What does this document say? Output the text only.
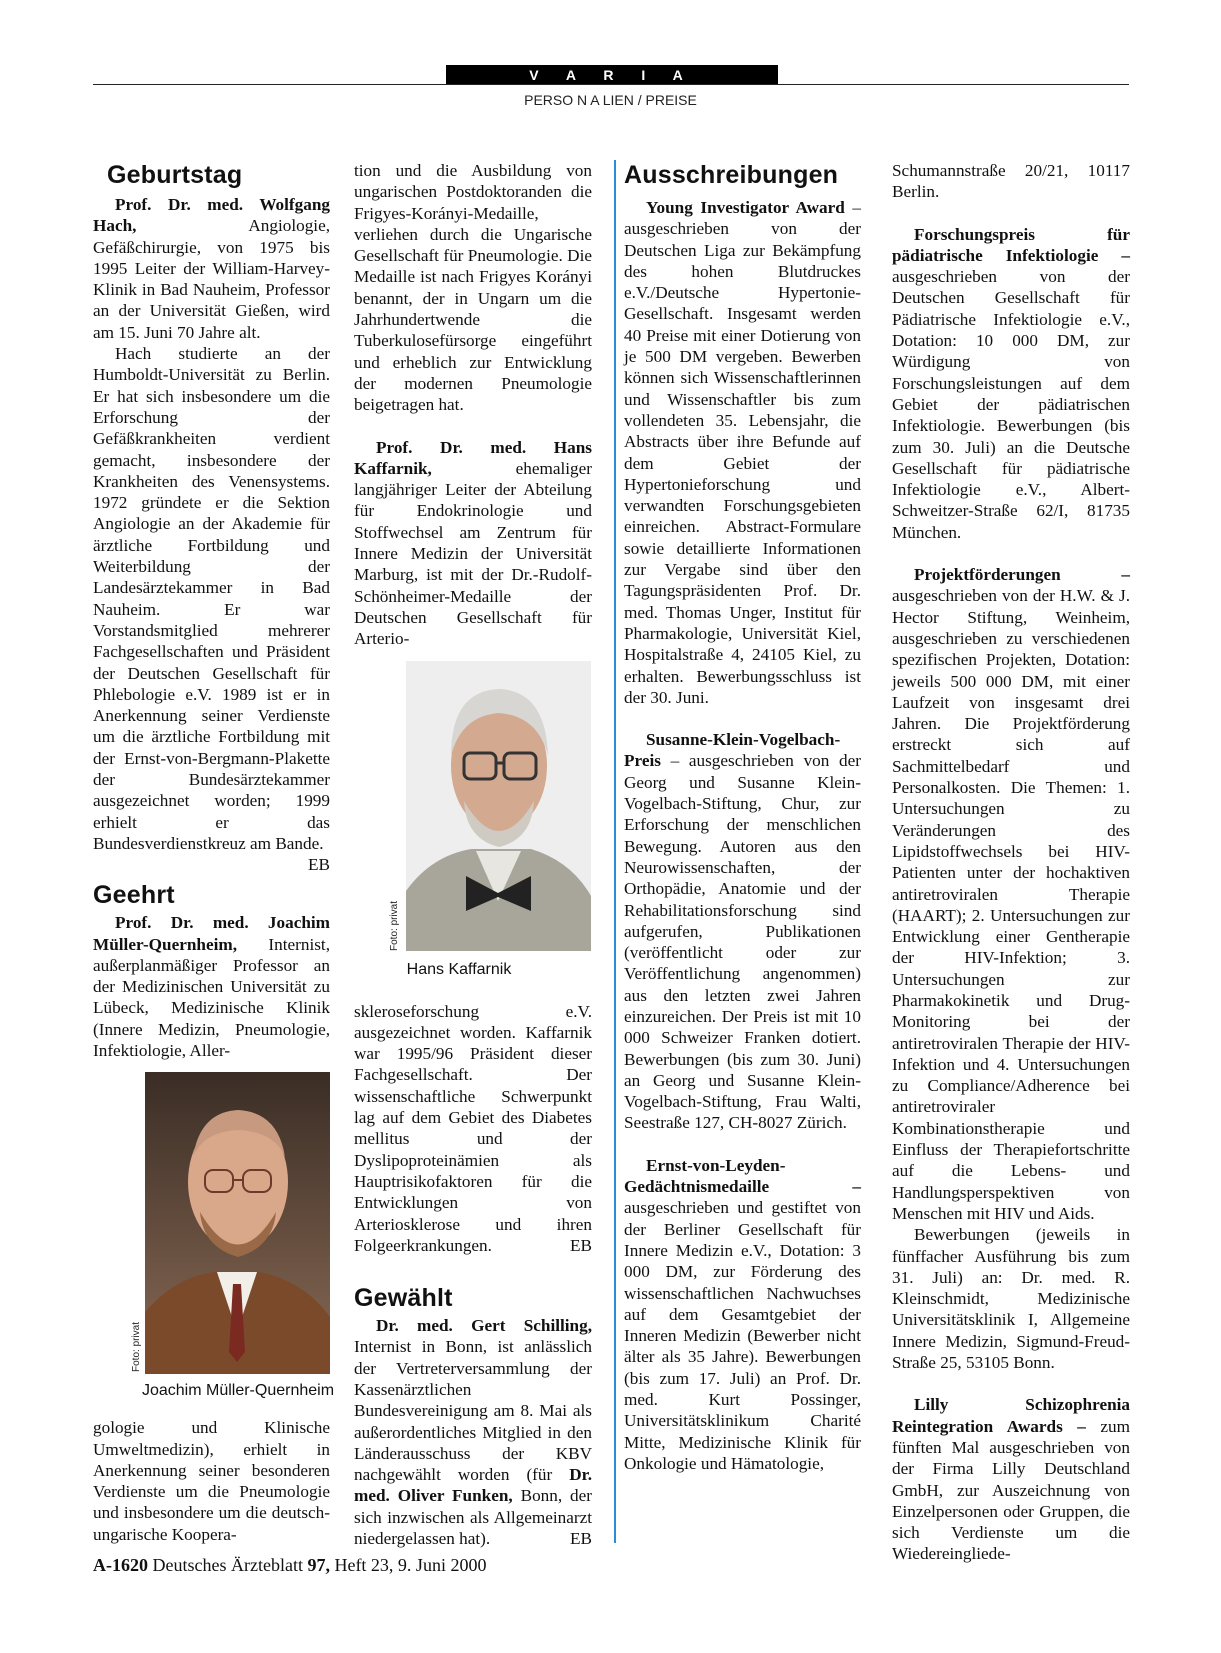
V A R I A
PERSO N A LIEN / PREISE
Geburtstag

Prof. Dr. med. Wolfgang Hach, Angiologie, Gefäßchirurgie, von 1975 bis 1995 Leiter der William-Harvey-Klinik in Bad Nauheim, Professor an der Universität Gießen, wird am 15. Juni 70 Jahre alt.

Hach studierte an der Humboldt-Universität zu Berlin. Er hat sich insbesondere um die Erforschung der Gefäßkrankheiten verdient gemacht, insbesondere der Krankheiten des Venensystems. 1972 gründete er die Sektion Angiologie an der Akademie für ärztliche Fortbildung und Weiterbildung der Landesärztekammer in Bad Nauheim. Er war Vorstandsmitglied mehrerer Fachgesellschaften und Präsident der Deutschen Gesellschaft für Phlebologie e.V. 1989 ist er in Anerkennung seiner Verdienste um die ärztliche Fortbildung mit der Ernst-von-Bergmann-Plakette der Bundesärztekammer ausgezeichnet worden; 1999 erhielt er das Bundesverdienstkreuz am Bande.
EB

Geehrt

Prof. Dr. med. Joachim Müller-Quernheim, Internist, außerplanmäßiger Professor an der Medizinischen Universität zu Lübeck, Medizinische Klinik (Innere Medizin, Pneumologie, Infektiologie, Aller-

Foto: privat
Joachim Müller-Quernheim

gologie und Klinische Umweltmedizin), erhielt in Anerkennung seiner besonderen Verdienste um die Pneumologie und insbesondere um die deutsch-ungarische Koopera-

tion und die Ausbildung von ungarischen Postdoktoranden die Frigyes-Korányi-Medaille, verliehen durch die Ungarische Gesellschaft für Pneumologie. Die Medaille ist nach Frigyes Korányi benannt, der in Ungarn um die Jahrhundertwende die Tuberkulosefürsorge eingeführt und erheblich zur Entwicklung der modernen Pneumologie beigetragen hat.

Prof. Dr. med. Hans Kaffarnik, ehemaliger langjähriger Leiter der Abteilung für Endokrinologie und Stoffwechsel am Zentrum für Innere Medizin der Universität Marburg, ist mit der Dr.-Rudolf-Schönheimer-Medaille der Deutschen Gesellschaft für Arterio-

Foto: privat
Hans Kaffarnik

skleroseforschung e.V. ausgezeichnet worden. Kaffarnik war 1995/96 Präsident dieser Fachgesellschaft. Der wissenschaftliche Schwerpunkt lag auf dem Gebiet des Diabetes mellitus und der Dyslipoproteinämien als Hauptrisikofaktoren für die Entwicklungen von Arteriosklerose und ihren Folgeerkrankungen.	EB

Gewählt

Dr. med. Gert Schilling, Internist in Bonn, ist anlässlich der Vertreterversammlung der Kassenärztlichen Bundesvereinigung am 8. Mai als außerordentliches Mitglied in den Länderausschuss der KBV nachgewählt worden (für Dr. med. Oliver Funken, Bonn, der sich inzwischen als Allgemeinarzt niedergelassen hat).	EB

Ausschreibungen

Young Investigator Award – ausgeschrieben von der Deutschen Liga zur Bekämpfung des hohen Blutdruckes e.V./Deutsche Hypertonie-Gesellschaft. Insgesamt werden 40 Preise mit einer Dotierung von je 500 DM vergeben. Bewerben können sich Wissenschaftlerinnen und Wissenschaftler bis zum vollendeten 35. Lebensjahr, die Abstracts über ihre Befunde auf dem Gebiet der Hypertonieforschung und verwandten Forschungsgebieten einreichen. Abstract-Formulare sowie detaillierte Informationen zur Vergabe sind über den Tagungspräsidenten Prof. Dr. med. Thomas Unger, Institut für Pharmakologie, Universität Kiel, Hospitalstraße 4, 24105 Kiel, zu erhalten. Bewerbungsschluss ist der 30. Juni.

Susanne-Klein-Vogelbach-Preis – ausgeschrieben von der Georg und Susanne Klein-Vogelbach-Stiftung, Chur, zur Erforschung der menschlichen Bewegung. Autoren aus den Neurowissenschaften, der Orthopädie, Anatomie und der Rehabilitationsforschung sind aufgerufen, Publikationen (veröffentlicht oder zur Veröffentlichung angenommen) aus den letzten zwei Jahren einzureichen. Der Preis ist mit 10 000 Schweizer Franken dotiert. Bewerbungen (bis zum 30. Juni) an Georg und Susanne Klein-Vogelbach-Stiftung, Frau Walti, Seestraße 127, CH-8027 Zürich.

Ernst-von-Leyden-Gedächtnismedaille – ausgeschrieben und gestiftet von der Berliner Gesellschaft für Innere Medizin e.V., Dotation: 3 000 DM, zur Förderung des wissenschaftlichen Nachwuchses auf dem Gesamtgebiet der Inneren Medizin (Bewerber nicht älter als 35 Jahre). Bewerbungen (bis zum 17. Juli) an Prof. Dr. med. Kurt Possinger, Universitätsklinikum Charité Mitte, Medizinische Klinik für Onkologie und Hämatologie,

Schumannstraße 20/21, 10117 Berlin.

Forschungspreis für pädiatrische Infektiologie – ausgeschrieben von der Deutschen Gesellschaft für Pädiatrische Infektiologie e.V., Dotation: 10 000 DM, zur Würdigung von Forschungsleistungen auf dem Gebiet der pädiatrischen Infektiologie. Bewerbungen (bis zum 30. Juli) an die Deutsche Gesellschaft für pädiatrische Infektiologie e.V., Albert-Schweitzer-Straße 62/I, 81735 München.

Projektförderungen – ausgeschrieben von der H.W. & J. Hector Stiftung, Weinheim, ausgeschrieben zu verschiedenen spezifischen Projekten, Dotation: jeweils 500 000 DM, mit einer Laufzeit von insgesamt drei Jahren. Die Projektförderung erstreckt sich auf Sachmittelbedarf und Personalkosten. Die Themen: 1. Untersuchungen zu Veränderungen des Lipidstoffwechsels bei HIV-Patienten unter der hochaktiven antiretroviralen Therapie (HAART); 2. Untersuchungen zur Entwicklung einer Gentherapie der HIV-Infektion; 3. Untersuchungen zur Pharmakokinetik und Drug-Monitoring bei der antiretroviralen Therapie der HIV-Infektion und 4. Untersuchungen zu Compliance/Adherence bei antiretroviraler Kombinationstherapie und Einfluss der Therapiefortschritte auf die Lebens- und Handlungsperspektiven von Menschen mit HIV und Aids.

Bewerbungen (jeweils in fünffacher Ausführung bis zum 31. Juli) an: Dr. med. R. Kleinschmidt, Medizinische Universitätsklinik I, Allgemeine Innere Medizin, Sigmund-Freud-Straße 25, 53105 Bonn.

Lilly Schizophrenia Reintegration Awards – zum fünften Mal ausgeschrieben von der Firma Lilly Deutschland GmbH, zur Auszeichnung von Einzelpersonen oder Gruppen, die sich Verdienste um die Wiedereingliede-

A-1620 Deutsches Ärzteblatt 97, Heft 23, 9. Juni 2000
